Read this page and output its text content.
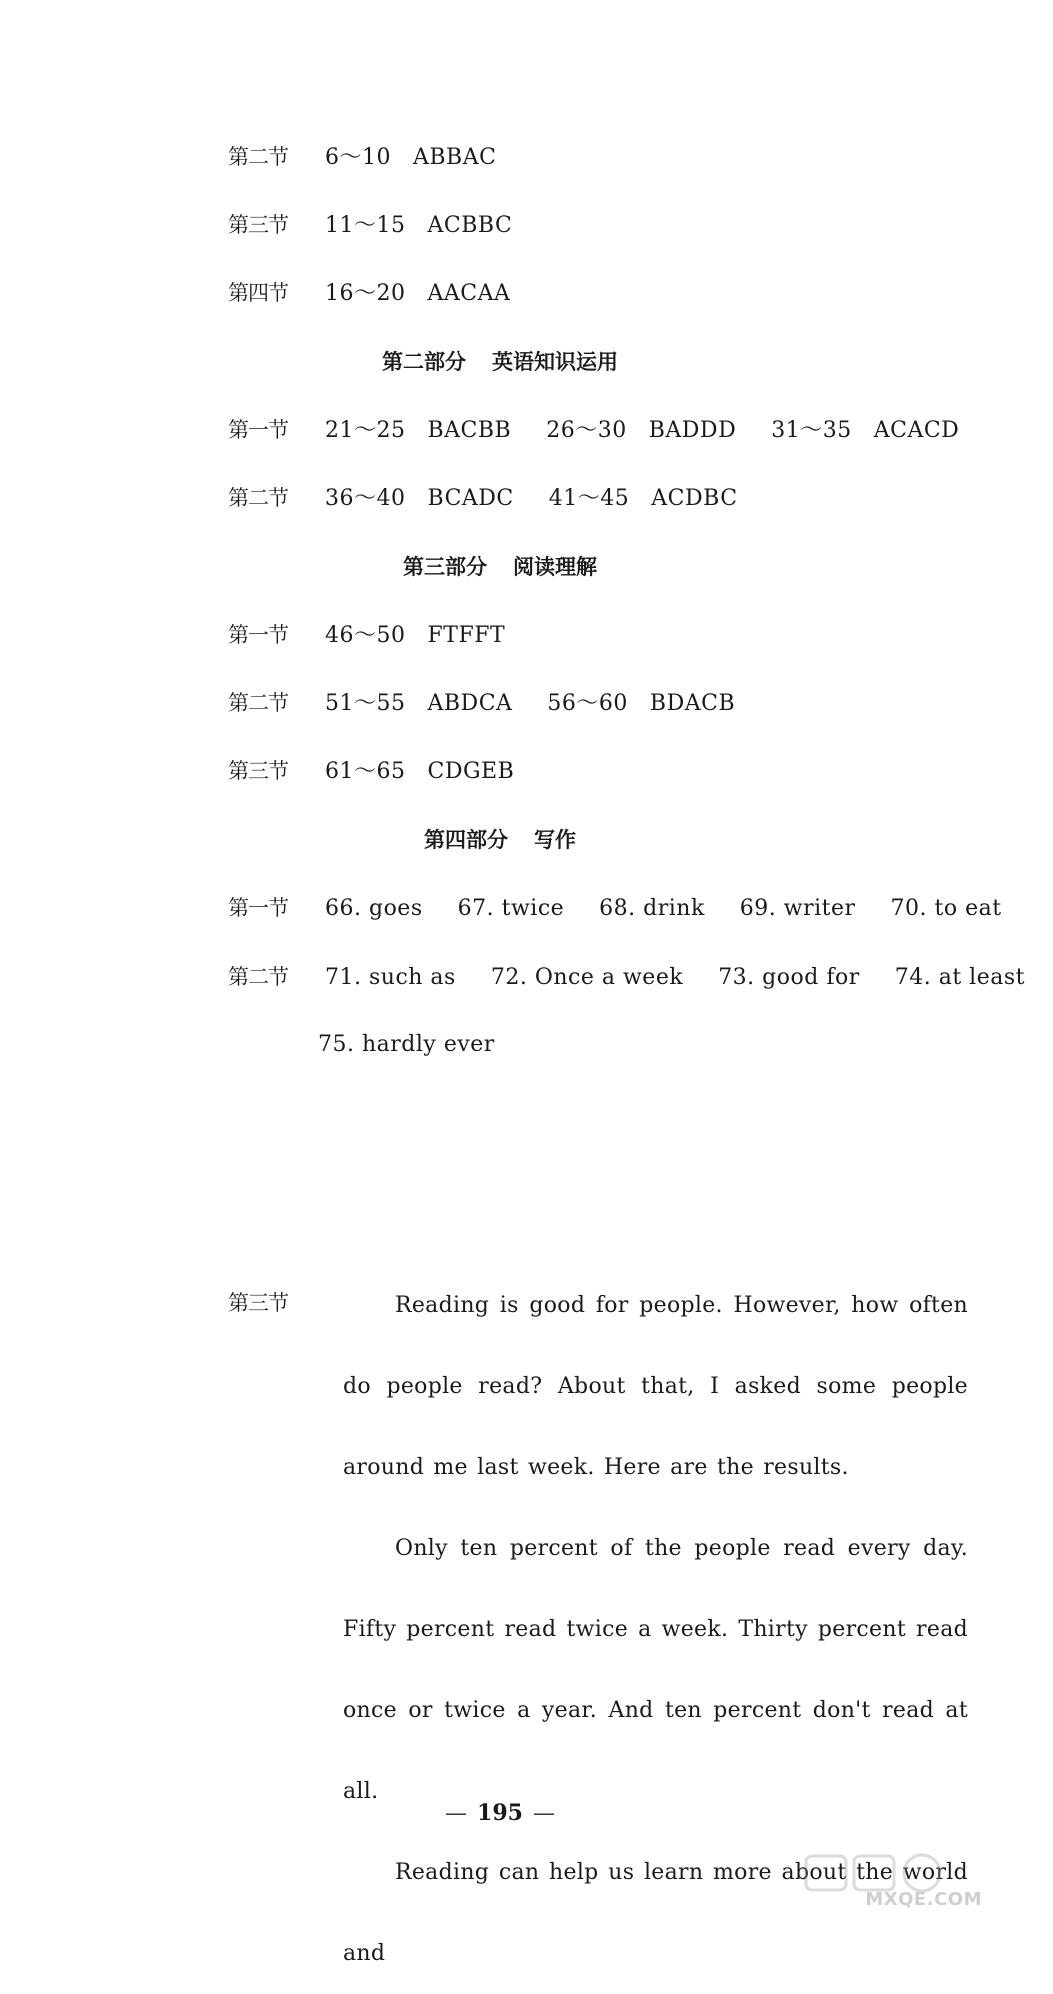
第二节 6～10 ABBAC
第三节 11～15 ACBBC
第四节 16～20 AACAA
第二部分 英语知识运用
第一节 21～25 BACBB 26～30 BADDD 31～35 ACACD
第二节 36～40 BCADC 41～45 ACDBC
第三部分 阅读理解
第一节 46～50 FTFFT
第二节 51～55 ABDCA 56～60 BDACB
第三节 61～65 CDGEB
第四部分 写作
第一节 66. goes 67. twice 68. drink 69. writer 70. to eat
第二节 71. such as 72. Once a week 73. good for 74. at least
75. hardly ever
第三节	Reading is good for people. However, how often do people read? About that, I asked some people around me last week. Here are the results.

Only ten percent of the people read every day. Fifty percent read twice a week. Thirty percent read once or twice a year. And ten percent don't read at all.

Reading can help us learn more about the world and

— 195 —
MXQE.COM
